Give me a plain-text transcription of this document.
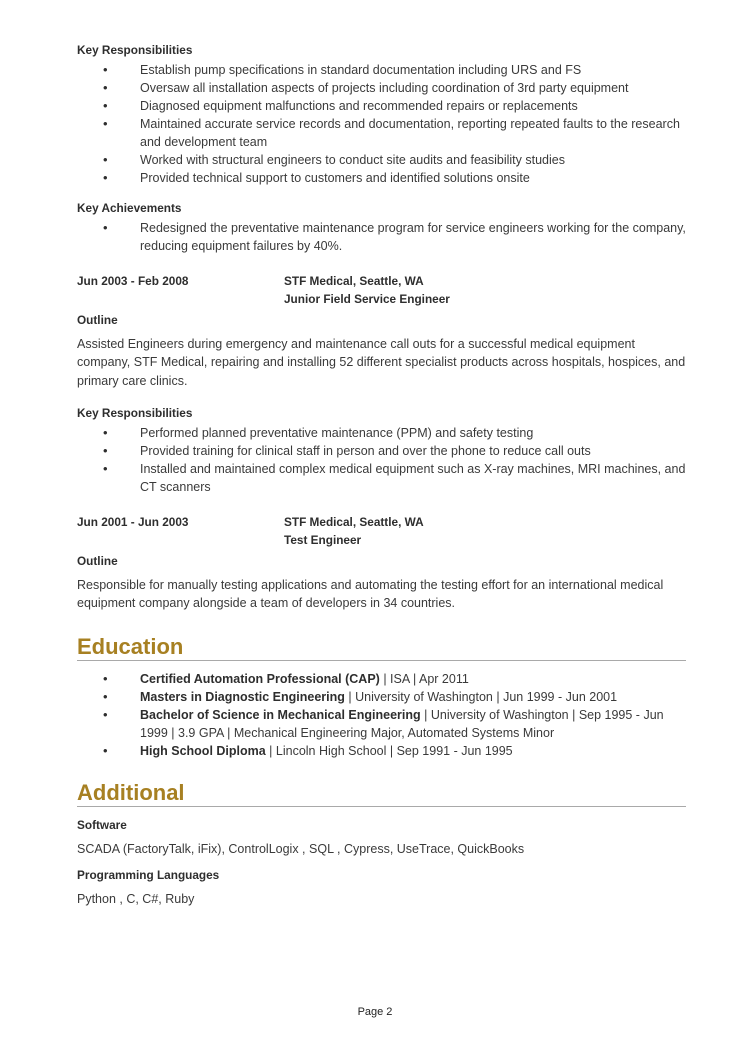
Key Responsibilities

• Establish pump specifications in standard documentation including URS and FS
• Oversaw all installation aspects of projects including coordination of 3rd party equipment
• Diagnosed equipment malfunctions and recommended repairs or replacements
• Maintained accurate service records and documentation, reporting repeated faults to the research and development team
• Worked with structural engineers to conduct site audits and feasibility studies
• Provided technical support to customers and identified solutions onsite

Key Achievements

• Redesigned the preventative maintenance program for service engineers working for the company, reducing equipment failures by 40%.
Jun 2003 - Feb 2008	STF Medical, Seattle, WA
Junior Field Service Engineer

Outline

Assisted Engineers during emergency and maintenance call outs for a successful medical equipment company, STF Medical, repairing and installing 52 different specialist products across hospitals, hospices, and primary care clinics.

Key Responsibilities

• Performed planned preventative maintenance (PPM) and safety testing
• Provided training for clinical staff in person and over the phone to reduce call outs
• Installed and maintained complex medical equipment such as X-ray machines, MRI machines, and CT scanners
Jun 2001 - Jun 2003	STF Medical, Seattle, WA
Test Engineer

Outline

Responsible for manually testing applications and automating the testing effort for an international medical equipment company alongside a team of developers in 34 countries.

Education
• Certified Automation Professional (CAP) | ISA | Apr 2011
• Masters in Diagnostic Engineering | University of Washington | Jun 1999 - Jun 2001
• Bachelor of Science in Mechanical Engineering | University of Washington | Sep 1995 - Jun 1999 | 3.9 GPA | Mechanical Engineering Major, Automated Systems Minor
• High School Diploma | Lincoln High School | Sep 1991 - Jun 1995
Additional

Software

SCADA (FactoryTalk, iFix), ControlLogix , SQL , Cypress, UseTrace, QuickBooks

Programming Languages

Python , C, C#, Ruby

Page 2
